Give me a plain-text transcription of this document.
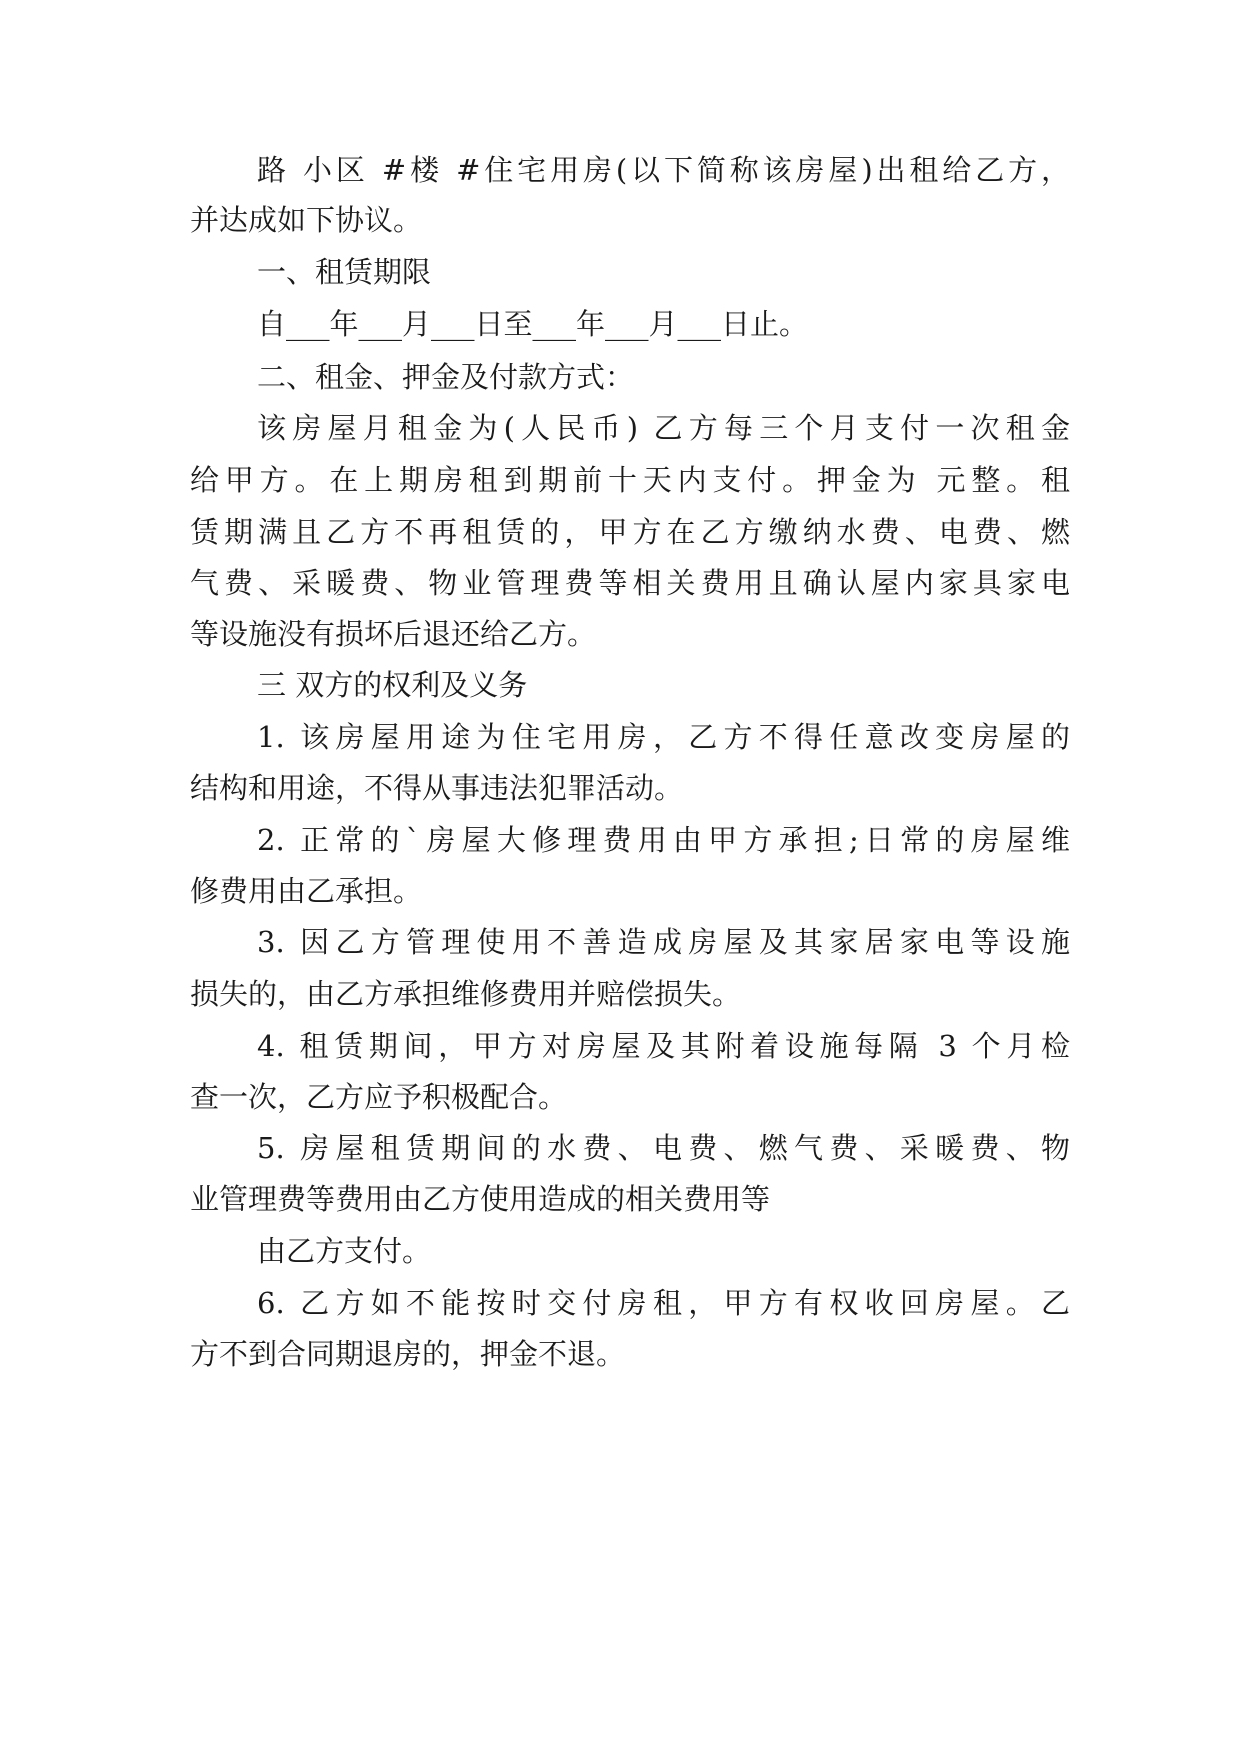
路 小区 #楼 #住宅用房(以下简称该房屋)出租给乙方，

并达成如下协议。

一、租赁期限

自___年___月___日至___年___月___日止。

二、租金、押金及付款方式：

该房屋月租金为(人民币) 乙方每三个月支付一次租金

给甲方。在上期房租到期前十天内支付。押金为 元整。租

赁期满且乙方不再租赁的，甲方在乙方缴纳水费、电费、燃

气费、采暖费、物业管理费等相关费用且确认屋内家具家电

等设施没有损坏后退还给乙方。

三 双方的权利及义务

1. 该房屋用途为住宅用房，乙方不得任意改变房屋的

结构和用途，不得从事违法犯罪活动。

2. 正常的`房屋大修理费用由甲方承担;日常的房屋维

修费用由乙承担。

3. 因乙方管理使用不善造成房屋及其家居家电等设施

损失的，由乙方承担维修费用并赔偿损失。

4. 租赁期间，甲方对房屋及其附着设施每隔 3 个月检

查一次，乙方应予积极配合。

5. 房屋租赁期间的水费、电费、燃气费、采暖费、物

业管理费等费用由乙方使用造成的相关费用等

由乙方支付。

6. 乙方如不能按时交付房租，甲方有权收回房屋。乙

方不到合同期退房的，押金不退。
